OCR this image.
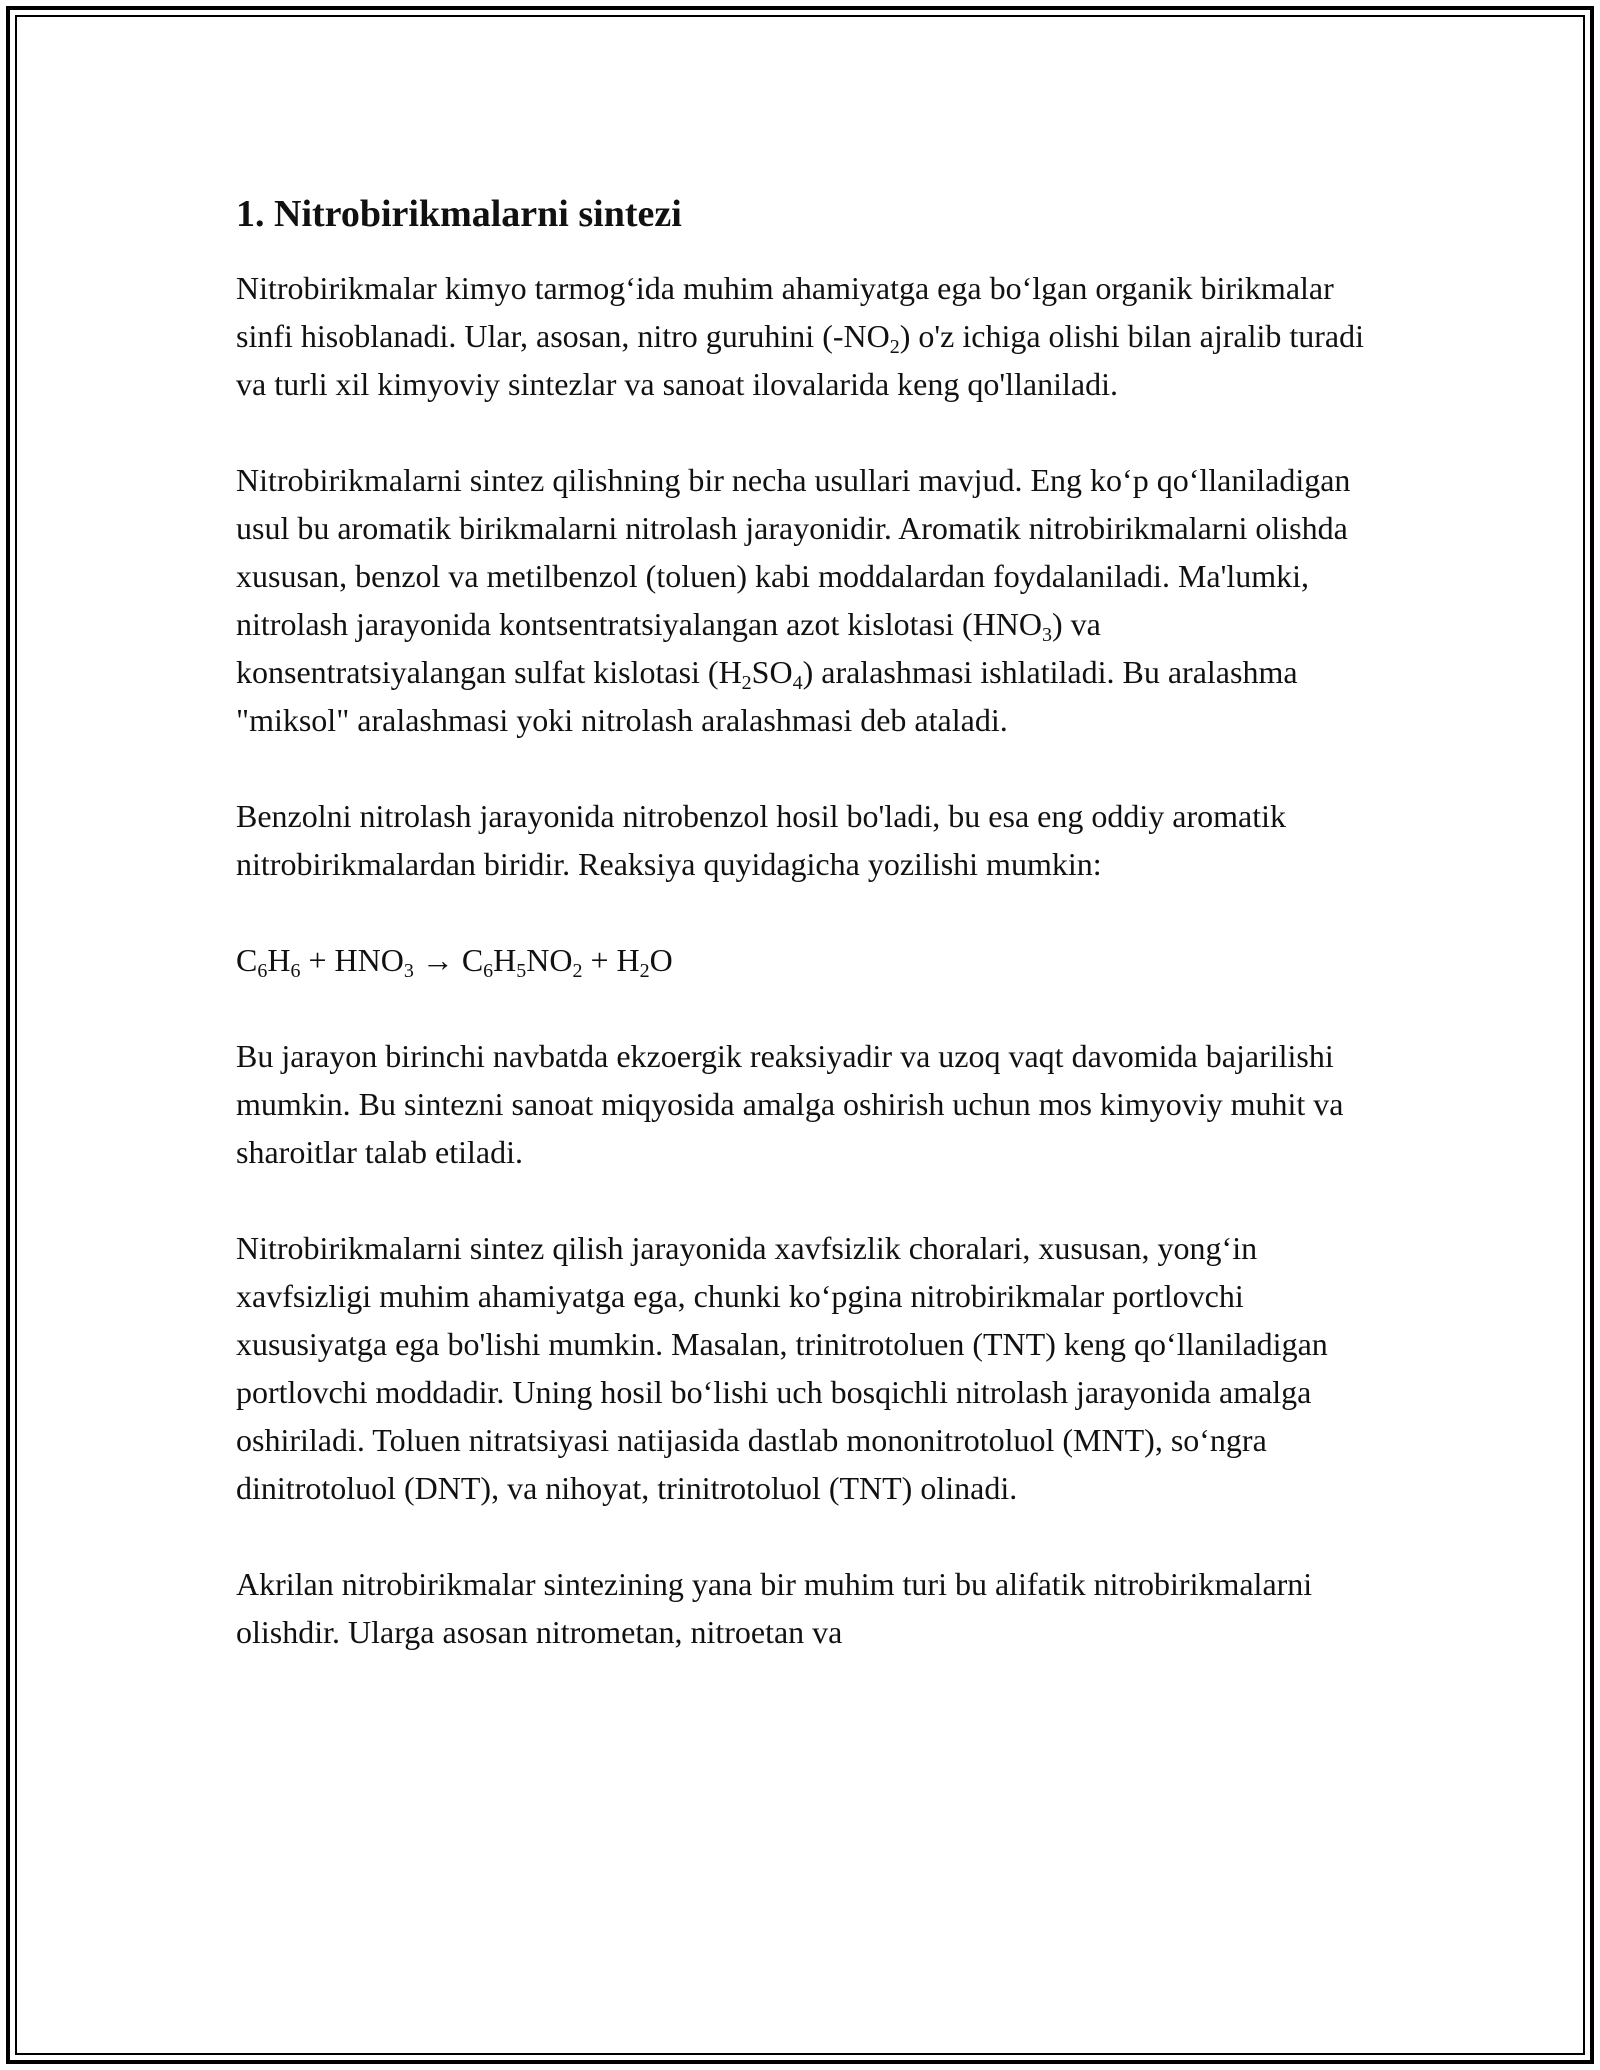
1. Nitrobirikmalarni sintezi

Nitrobirikmalar kimyo tarmog‘ida muhim ahamiyatga ega bo‘lgan organik birikmalar sinfi hisoblanadi. Ular, asosan, nitro guruhini $(-NO_2)$ o'z ichiga olishi bilan ajralib turadi va turli xil kimyoviy sintezlar va sanoat ilovalarida keng qo'llaniladi.

Nitrobirikmalarni sintez qilishning bir necha usullari mavjud. Eng ko‘p qo‘llaniladigan usul bu aromatik birikmalarni nitrolash jarayonidir. Aromatik nitrobirikmalarni olishda xususan, benzol va metilbenzol (toluen) kabi moddalardan foydalaniladi. Ma'lumki, nitrolash jarayonida kontsentratsiyalangan azot kislotasi $(HNO_3)$ va konsentratsiyalangan sulfat kislotasi $(H_2SO_4)$ aralashmasi ishlatiladi. Bu aralashma "miksol" aralashmasi yoki nitrolash aralashmasi deb ataladi.

Benzolni nitrolash jarayonida nitrobenzol hosil bo'ladi, bu esa eng oddiy aromatik nitrobirikmalardan biridir. Reaksiya quyidagicha yozilishi mumkin:

$C_6H_6 + HNO_3 \to C_6H_5NO_2 + H_2O$

Bu jarayon birinchi navbatda ekzoergik reaksiyadir va uzoq vaqt davomida bajarilishi mumkin. Bu sintezni sanoat miqyosida amalga oshirish uchun mos kimyoviy muhit va sharoitlar talab etiladi.

Nitrobirikmalarni sintez qilish jarayonida xavfsizlik choralari, xususan, yong‘in xavfsizligi muhim ahamiyatga ega, chunki ko‘pgina nitrobirikmalar portlovchi xususiyatga ega bo'lishi mumkin. Masalan, trinitrotoluen (TNT) keng qo‘llaniladigan portlovchi moddadir. Uning hosil bo‘lishi uch bosqichli nitrolash jarayonida amalga oshiriladi. Toluen nitratsiyasi natijasida dastlab mononitrotoluol (MNT), so‘ngra dinitrotoluol (DNT), va nihoyat, trinitrotoluol (TNT) olinadi.

Akrilan nitrobirikmalar sintezining yana bir muhim turi bu alifatik nitrobirikmalarni olishdir. Ularga asosan nitrometan, nitroetan va
